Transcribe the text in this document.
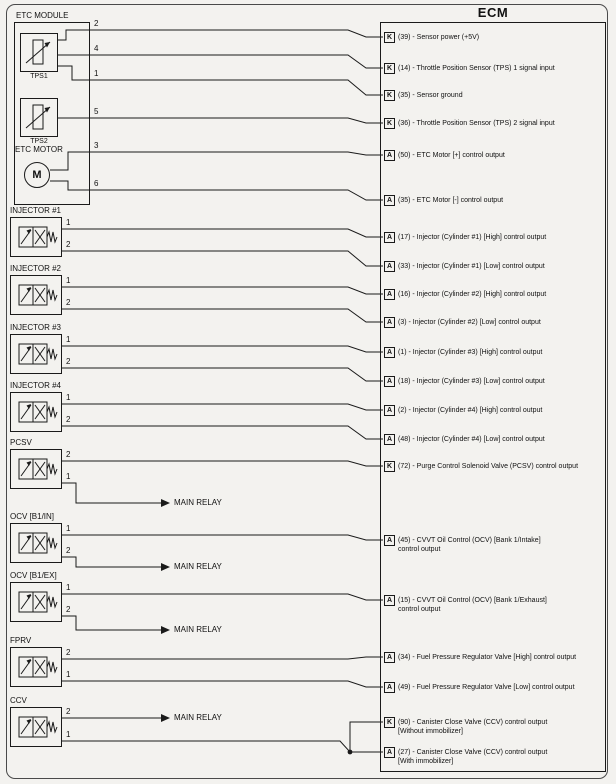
ECM
K (39) - Sensor power (+5V)
K (14) - Throttle Position Sensor (TPS) 1 signal input
K (35) - Sensor ground
K (36) - Throttle Position Sensor (TPS) 2 signal input
A (50) - ETC Motor [+] control output
A (35) - ETC Motor [-] control output
A (17) - Injector (Cylinder #1) [High] control output
A (33) - Injector (Cylinder #1) [Low] control output
A (16) - Injector (Cylinder #2) [High] control output
A (3) - Injector (Cylinder #2) [Low] control output
A (1) - Injector (Cylinder #3) [High] control output
A (18) - Injector (Cylinder #3) [Low] control output
A (2) - Injector (Cylinder #4) [High] control output
A (48) - Injector (Cylinder #4) [Low] control output
K (72) - Purge Control Solenoid Valve (PCSV) control output
A (45) - CVVT Oil Control (OCV) [Bank 1/Intake]
control output
A (15) - CVVT Oil Control (OCV) [Bank 1/Exhaust]
control output
A (34) - Fuel Pressure Regulator Valve [High] control output
A (49) - Fuel Pressure Regulator Valve [Low] control output
K (90) - Canister Close Valve (CCV) control output
[Without immobilizer]
A (27) - Canister Close Valve (CCV) control output
[With immobilizer]
ETC MODULE
TPS1
TPS2
ETC MOTOR
M
2
4
1
5
3
6
INJECTOR #1
1
2
INJECTOR #2
1
2
INJECTOR #3
1
2
INJECTOR #4
1
2
PCSV
2
1
MAIN RELAY
OCV [B1/IN]
1
2
MAIN RELAY
OCV [B1/EX]
1
2
MAIN RELAY
FPRV
2
1
CCV
2
MAIN RELAY
1
